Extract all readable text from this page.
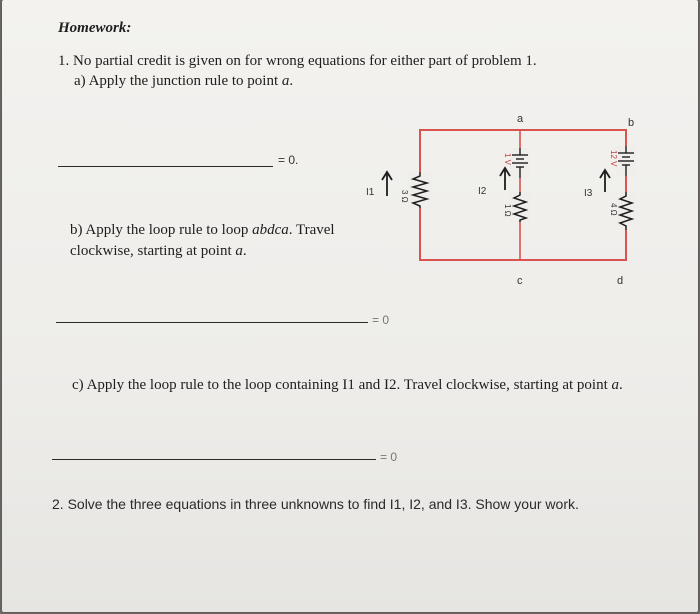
Homework:
1. No partial credit is given on for wrong equations for either part of problem 1.
a) Apply the junction rule to point a.
= 0.
b) Apply the loop rule to loop abdca. Travel
clockwise, starting at point a.
= 0
c) Apply the loop rule to the loop containing I1 and I2. Travel clockwise, starting at point a.
= 0
2. Solve the three equations in three unknowns to find I1, I2, and I3. Show your work.
a	b
c	d
I1	I2	I3
3 Ω
1 Ω	4 Ω
1 V	12 V
